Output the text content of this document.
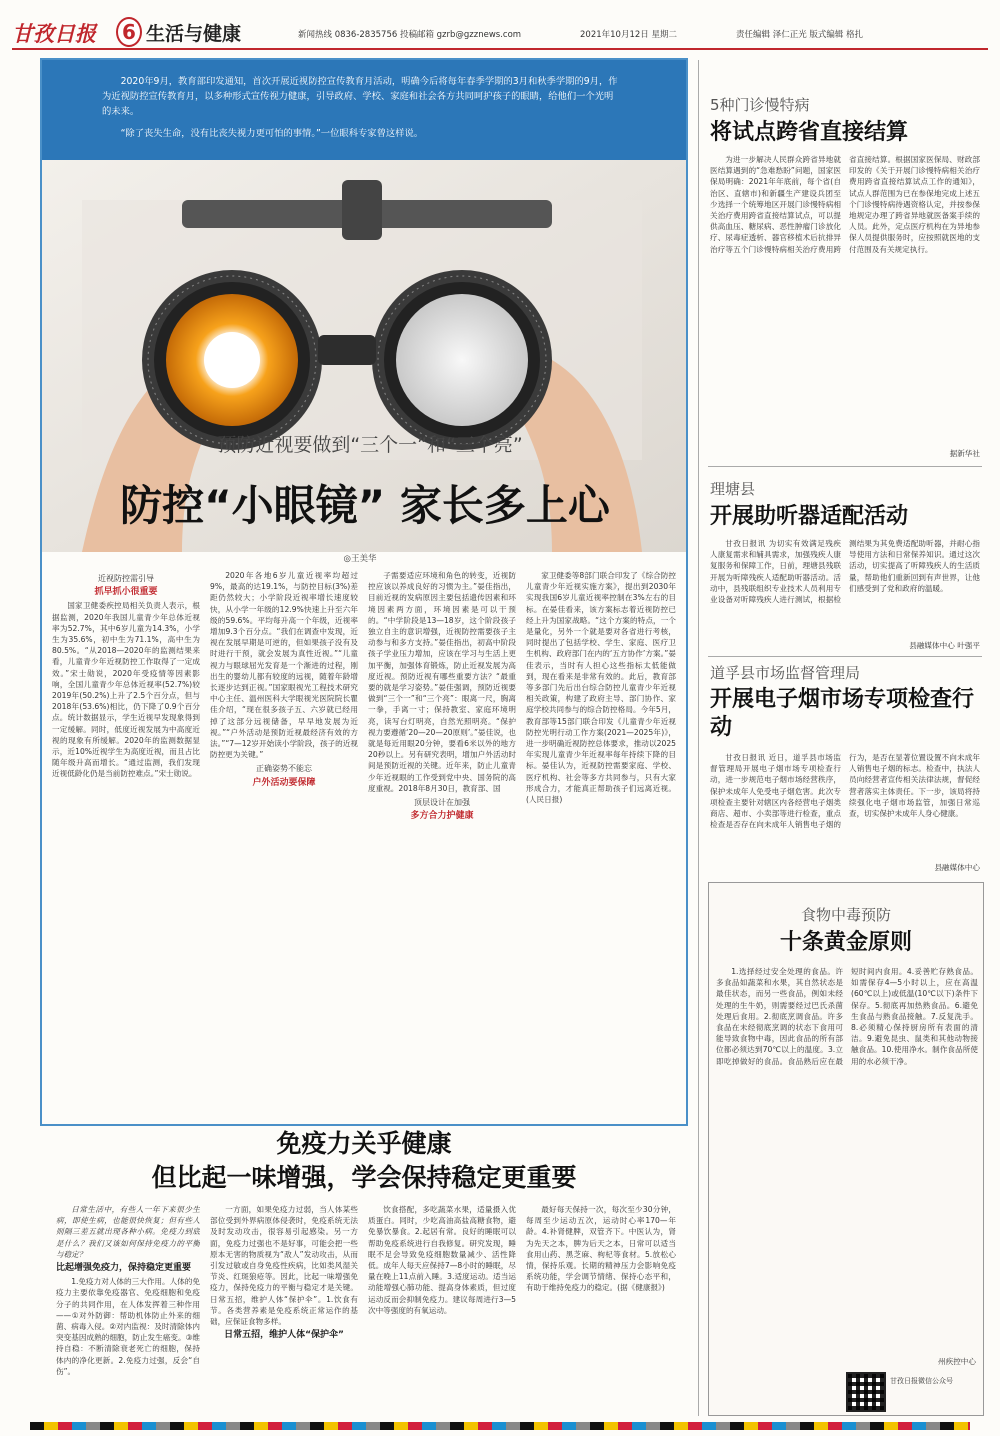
甘孜日报	6 生活与健康	新闻热线 0836-2835756 投稿邮箱 gzrb@gzznews.com	2021年10月12日 星期二	责任编辑 泽仁正光 版式编辑 格扎
2020年9月，教育部印发通知，首次开展近视防控宣传教育月活动，明确今后将每年春季学期的3月和秋季学期的9月，作为近视防控宣传教育月，以多种形式宣传视力健康，引导政府、学校、家庭和社会各方共同呵护孩子的眼睛，给他们一个光明的未来。
“除了丧失生命，没有比丧失视力更可怕的事情。”一位眼科专家曾这样说。
预防近视要做到“三个一”和“三个亮”
防控“小眼镜” 家长多上心
◎王美华
近视防控需引导
抓早抓小很重要

国家卫健委疾控局相关负责人表示，根据监测，2020年我国儿童青少年总体近视率为52.7%，其中6岁儿童为14.3%，小学生为35.6%，初中生为71.1%，高中生为80.5%。“从2018—2020年的监测结果来看，儿童青少年近视防控工作取得了一定成效。”宋士勋说，2020年受疫情等因素影响，全国儿童青少年总体近视率(52.7%)较2019年(50.2%)上升了2.5个百分点，但与2018年(53.6%)相比，仍下降了0.9个百分点。统计数据显示，学生近视早发现象得到一定缓解。同时，低度近视发展为中高度近视的现象有所缓解。2020年的监测数据显示，近10%近视学生为高度近视，而且占比随年级升高而增长。“通过监测，我们发现近视低龄化仍是当前防控难点。”宋士勋说。

2020年各地6岁儿童近视率均超过9%，最高的达19.1%，与防控目标(3%)差距仍然较大；小学阶段近视率增长速度较快，从小学一年级的12.9%快速上升至六年级的59.6%。平均每升高一个年级，近视率增加9.3个百分点。“我们在调查中发现，近视在发展早期是可逆的，但如果孩子没有及时进行干预，就会发展为真性近视。”“儿童视力与眼球屈光发育是一个渐进的过程，刚出生的婴幼儿都有较度的远视，随着年龄增长逐步达到正视。”国家眼视光工程技术研究中心主任、温州医科大学眼视光医院院长瞿佳介绍，“现在很多孩子五、六岁就已经用掉了这部分远视储备，早早地发展为近视。”“户外活动是预防近视最经济有效的方法。”“7—12岁开始读小学阶段，孩子的近视防控更为关键。”

正确姿势不能忘
户外活动要保障

子需要适应环境和角色的转变，近视防控应该以养成良好的习惯为主。”晏佳指出，目前近视的发病原因主要包括遗传因素和环境因素两方面，环境因素是可以干预的。“中学阶段是13—18岁，这个阶段孩子独立自主的意识增强，近视防控需要孩子主动参与和多方支持。”晏佳指出，初高中阶段孩子学业压力增加，应该在学习与生活上更加平衡，加强体育锻炼，防止近视发展为高度近视。预防近视有哪些重要方法？“最重要的就是学习姿势。”晏佳强调，预防近视要做到“三个一”和“三个亮”：眼离一尺，胸离一拳，手离一寸；保持教室、家庭环境明亮，读写台灯明亮，自然光照明亮。“保护视力要遵循‘20—20—20原则’。”晏佳说，也就是每近用眼20分钟，要看6米以外的地方20秒以上。另有研究表明，增加户外活动时间是预防近视的关键。近年来，防止儿童青少年近视眼的工作受到党中央、国务院的高度重视。2018年8月30日，教育部、国

顶层设计在加强
多方合力护健康

家卫健委等8部门联合印发了《综合防控儿童青少年近视实施方案》，提出到2030年实现我国6岁儿童近视率控制在3%左右的目标。在晏佳看来，该方案标志着近视防控已经上升为国家战略。“这个方案的特点，一个是量化，另外一个就是要对各省进行考核，同时提出了包括学校、学生、家庭、医疗卫生机构、政府部门在内的‘五方协作’方案。”晏佳表示，当时有人担心这些指标太低能做到，现在看来是非常有效的。此后，教育部等多部门先后出台综合防控儿童青少年近视相关政策，构建了政府主导、部门协作、家庭学校共同参与的综合防控格局。今年5月，教育部等15部门联合印发《儿童青少年近视防控光明行动工作方案(2021—2025年)》，进一步明确近视防控总体要求，推动以2025年实现儿童青少年近视率每年持续下降的目标。晏佳认为，近视防控需要家庭、学校、医疗机构、社会等多方共同参与，只有大家形成合力，才能真正帮助孩子们远离近视。(人民日报)

免疫力关乎健康
但比起一味增强，学会保持稳定更重要

日常生活中，有些人一年下来很少生病，即使生病，也能很快恢复；但有些人则隔三差五就出现各种小病。免疫力到底是什么？我们又该如何保持免疫力的平衡与稳定？

比起增强免疫力，保持稳定更重要

1.免疫力对人体的三大作用。人体的免疫力主要依靠免疫器官、免疫细胞和免疫分子的共同作用，在人体发挥着三种作用——①对外防御：帮助机体防止外来的细菌、病毒入侵。②对内监视：及时清除体内突变基因成熟的细胞，防止发生癌变。③维持自稳：不断清除衰老死亡的细胞，保持体内的净化更新。2.免疫力过强，反会“自伤”。

一方面，如果免疫力过弱，当人体某些部位受到外界病原体侵袭时，免疫系统无法及时发动攻击，很容易引起感染。另一方面，免疫力过强也不是好事，可能会把一些原本无害的物质视为“敌人”发动攻击，从而引发过敏或自身免疫性疾病，比如类风湿关节炎、红斑狼疮等。因此，比起一味增强免疫力，保持免疫力的平衡与稳定才是关键。日常五招，维护人体“保护伞”。1.饮食有节。各类营养素是免疫系统正常运作的基础，应保证食物多样。

日常五招，维护人体“保护伞”

饮食搭配，多吃蔬菜水果，适量摄入优质蛋白。同时，少吃高油高盐高糖食物，避免暴饮暴食。2.起居有常。良好的睡眠可以帮助免疫系统进行自我修复。研究发现，睡眠不足会导致免疫细胞数量减少、活性降低。成年人每天应保持7—8小时的睡眠，尽量在晚上11点前入睡。3.适度运动。适当运动能增强心肺功能、提高身体素质，但过度运动反而会抑制免疫力。建议每周进行3—5次中等强度的有氧运动。

最好每天保持一次，每次至少30分钟，每周至少运动五次，运动时心率170—年龄。4.补肾健脾，双管齐下。中医认为，肾为先天之本，脾为后天之本，日常可以适当食用山药、黑芝麻、枸杞等食材。5.放松心情，保持乐观。长期的精神压力会影响免疫系统功能，学会调节情绪、保持心态平和，有助于维持免疫力的稳定。(据《健康报》)

5种门诊慢特病
将试点跨省直接结算

为进一步解决人民群众跨省异地就医结算遇到的“急难愁盼”问题，国家医保局明确：2021年年底前，每个省(自治区、直辖市)和新疆生产建设兵团至少选择一个统筹地区开展门诊慢特病相关治疗费用跨省直接结算试点，可以提供高血压、糖尿病、恶性肿瘤门诊放化疗、尿毒症透析、器官移植术后抗排异治疗等五个门诊慢特病相关治疗费用跨省直接结算。根据国家医保局、财政部印发的《关于开展门诊慢特病相关治疗费用跨省直接结算试点工作的通知》，试点人群范围为已在参保地完成上述五个门诊慢特病待遇资格认定，并按参保地规定办理了跨省异地就医备案手续的人员。此外，定点医疗机构在为异地参保人员提供服务时，应按照就医地的支付范围及有关规定执行。

据新华社
理塘县
开展助听器适配活动

甘孜日报讯 为切实有效满足残疾人康复需求和辅具需求，加强残疾人康复服务和保障工作，日前，理塘县残联开展为听障残疾人适配助听器活动。活动中，县残联组织专业技术人员利用专业设备对听障残疾人进行测试，根据检测结果为其免费适配助听器，并耐心指导使用方法和日常保养知识。通过这次活动，切实提高了听障残疾人的生活质量，帮助他们重新回到有声世界，让他们感受到了党和政府的温暖。

县融媒体中心 叶强平
道孚县市场监督管理局
开展电子烟市场专项检查行动

甘孜日报讯 近日，道孚县市场监督管理局开展电子烟市场专项检查行动，进一步规范电子烟市场经营秩序，保护未成年人免受电子烟危害。此次专项检查主要针对辖区内各经营电子烟类商店、超市、小卖部等进行检查，重点检查是否存在向未成年人销售电子烟的行为，是否在显著位置设置不向未成年人销售电子烟的标志。检查中，执法人员向经营者宣传相关法律法规，督促经营者落实主体责任。下一步，该局将持续强化电子烟市场监管，加强日常巡查，切实保护未成年人身心健康。

县融媒体中心
食物中毒预防
十条黄金原则

1.选择经过安全处理的食品。许多食品如蔬菜和水果，其自然状态是最佳状态，而另一些食品，例如未经处理的生牛奶，则需要经过巴氏杀菌处理后食用。2.彻底烹调食品。许多食品在未经彻底烹调的状态下食用可能导致食物中毒，因此食品的所有部位都必须达到70℃以上的温度。3.立即吃掉做好的食品。食品熟后应在最短时间内食用。4.妥善贮存熟食品。如需保存4—5小时以上，应在高温(60℃以上)或低温(10℃以下)条件下保存。5.彻底再加热熟食品。6.避免生食品与熟食品接触。7.反复洗手。8.必须精心保持厨房所有表面的清洁。9.避免昆虫、鼠类和其他动物接触食品。10.使用净水。制作食品所使用的水必须干净。

州疾控中心
甘孜日报微信公众号
